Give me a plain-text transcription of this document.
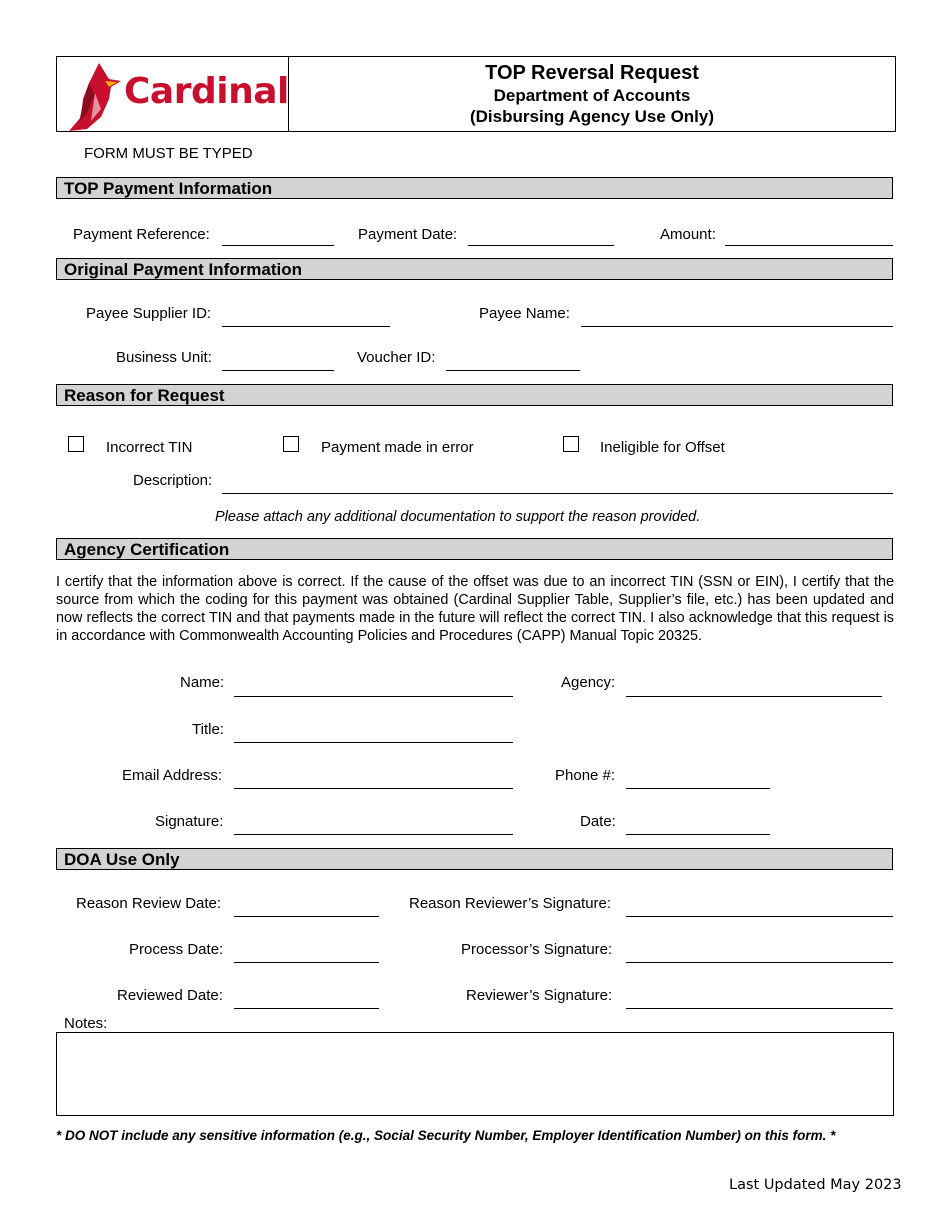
Cardinal	TOP Reversal Request
Department of Accounts
(Disbursing Agency Use Only)
FORM MUST BE TYPED
TOP Payment Information
Payment Reference:	Payment Date:	Amount:
Original Payment Information
Payee Supplier ID:	Payee Name:
Business Unit:	Voucher ID:
Reason for Request
Incorrect TIN	Payment made in error	Ineligible for Offset
Description:
Please attach any additional documentation to support the reason provided.
Agency Certification
I certify that the information above is correct. If the cause of the offset was due to an incorrect TIN (SSN or EIN), I certify that the source from which the coding for this payment was obtained (Cardinal Supplier Table, Supplier’s file, etc.) has been updated and now reflects the correct TIN and that payments made in the future will reflect the correct TIN. I also acknowledge that this request is in accordance with Commonwealth Accounting Policies and Procedures (CAPP) Manual Topic 20325.
Name:	Agency:
Title:
Email Address:	Phone #:
Signature:	Date:
DOA Use Only
Reason Review Date:	Reason Reviewer’s Signature:
Process Date:	Processor’s Signature:
Reviewed Date:	Reviewer’s Signature:
Notes:
* DO NOT include any sensitive information (e.g., Social Security Number, Employer Identification Number) on this form. *
Last Updated May 2023
